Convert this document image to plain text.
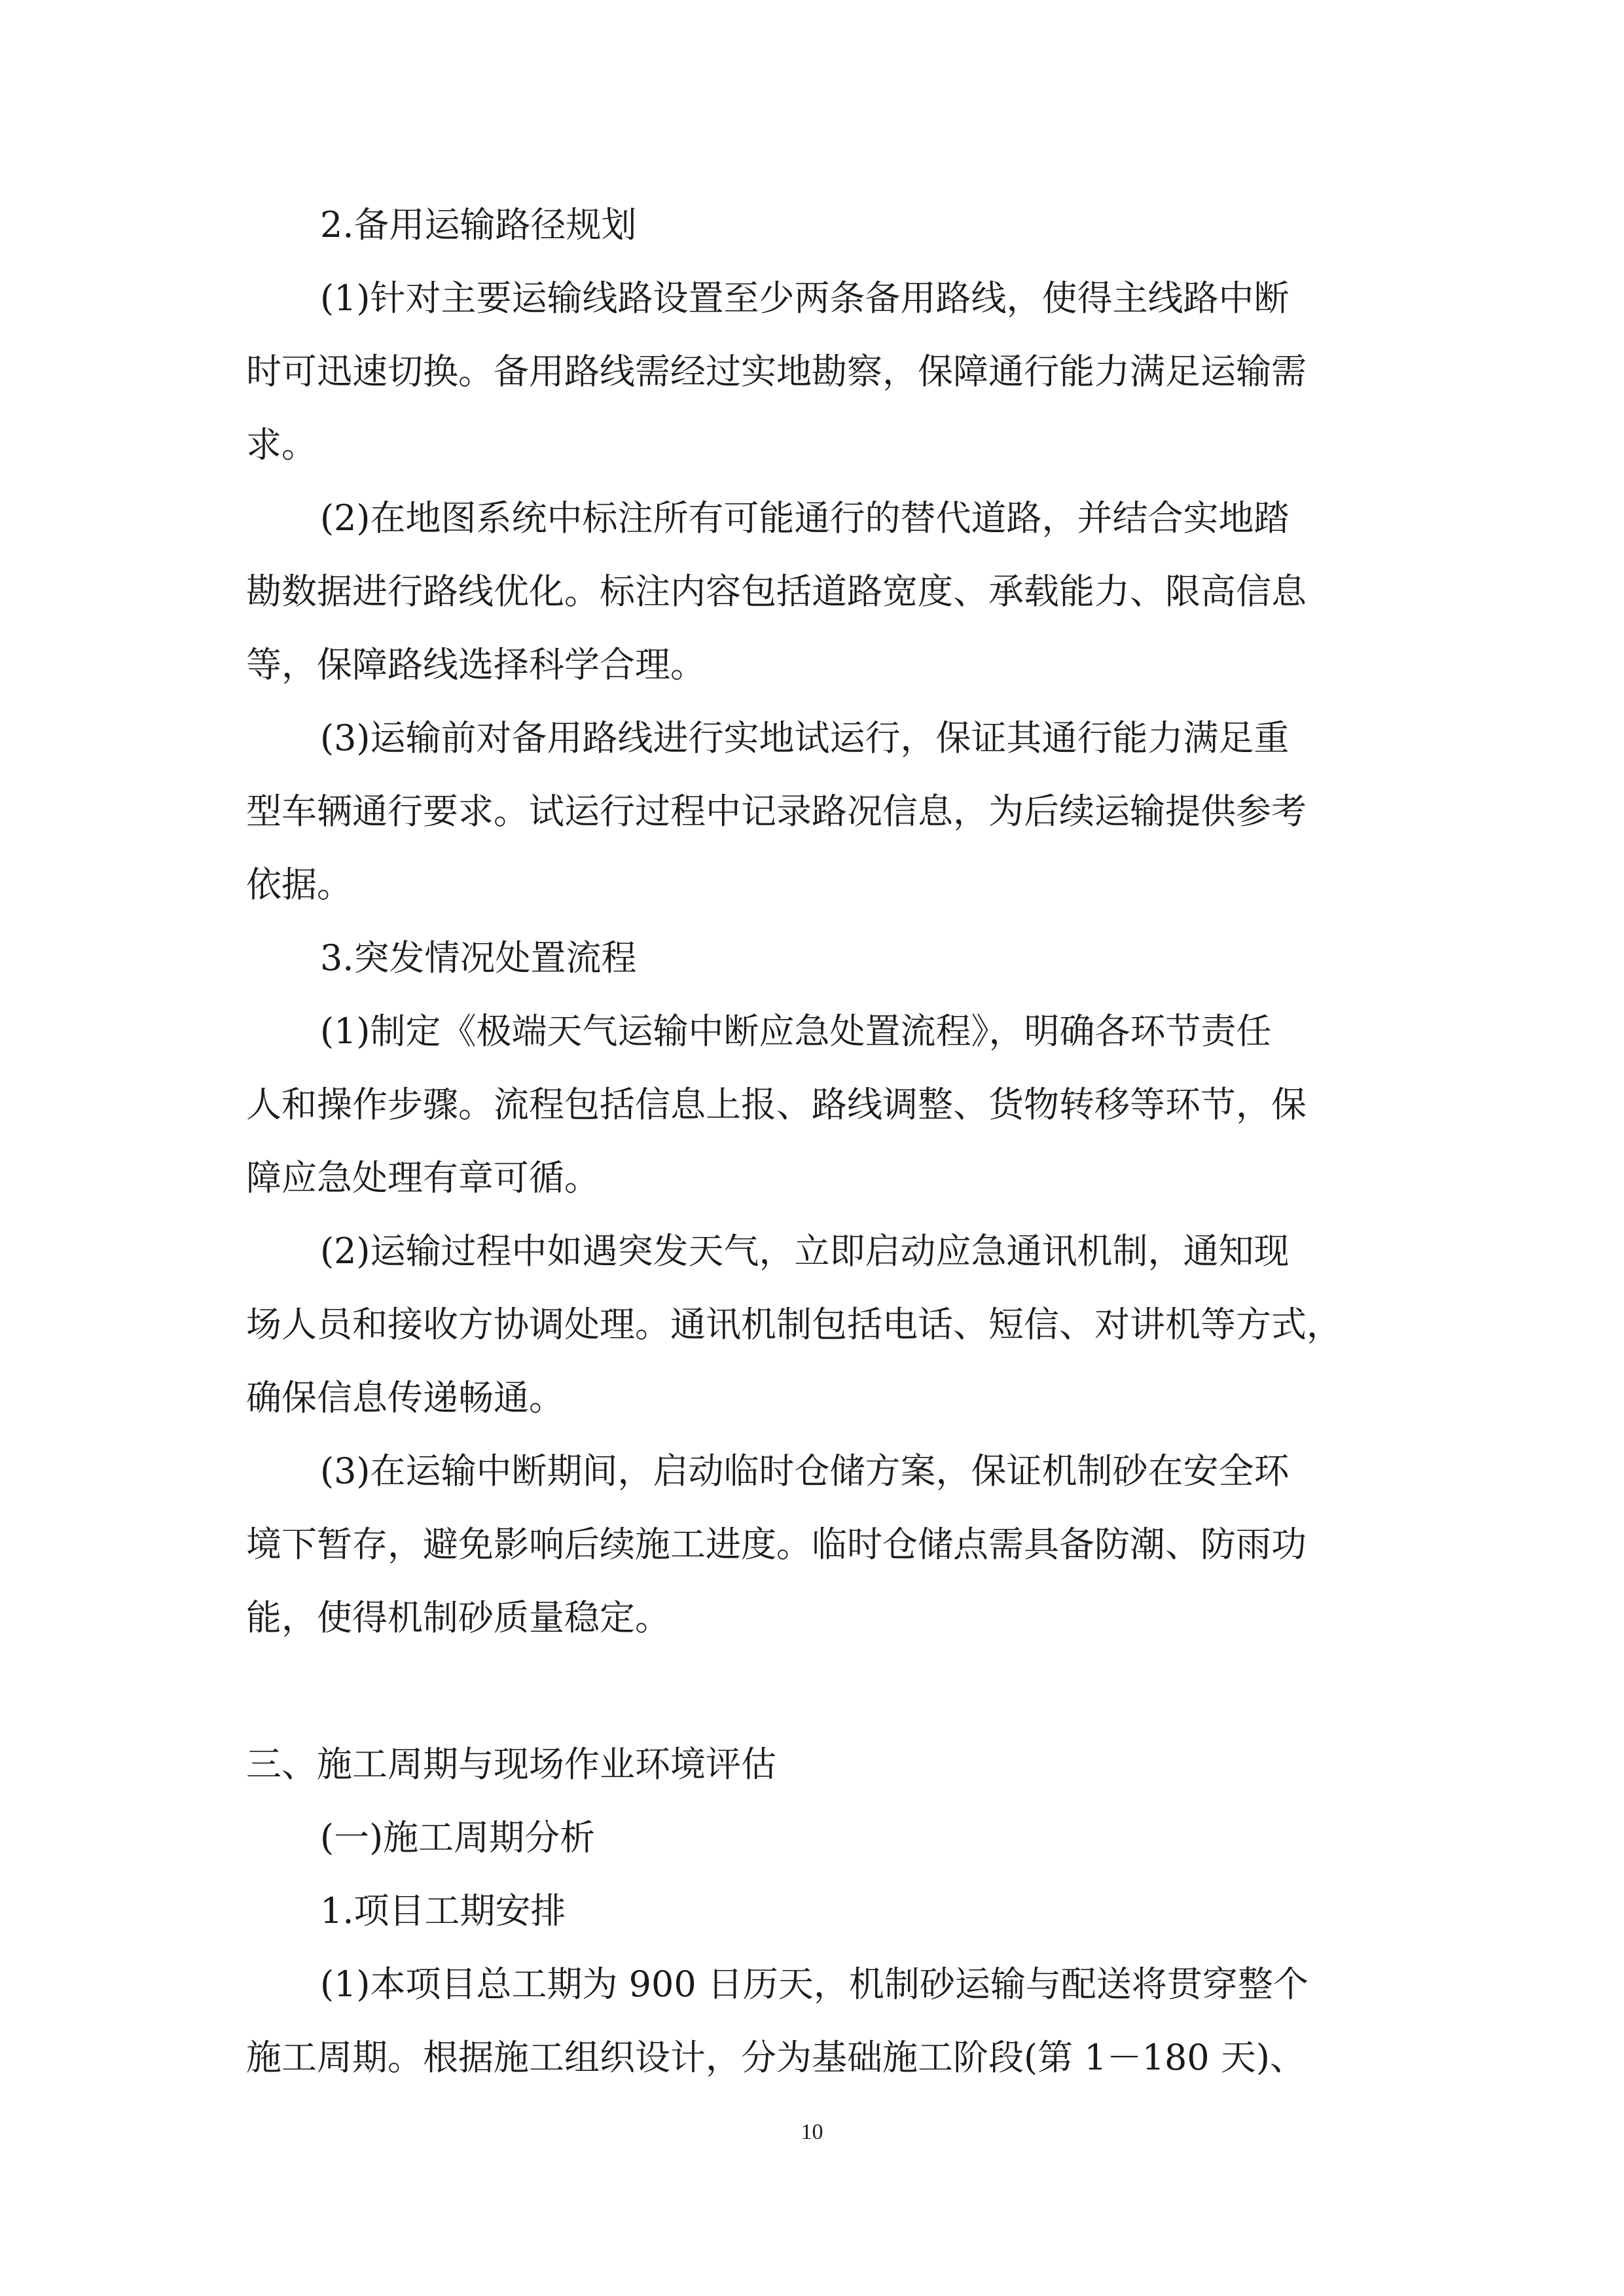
2.备用运输路径规划
(1)针对主要运输线路设置至少两条备用路线，使得主线路中断
时可迅速切换。备用路线需经过实地勘察，保障通行能力满足运输需
求。
(2)在地图系统中标注所有可能通行的替代道路，并结合实地踏
勘数据进行路线优化。标注内容包括道路宽度、承载能力、限高信息
等，保障路线选择科学合理。
(3)运输前对备用路线进行实地试运行，保证其通行能力满足重
型车辆通行要求。试运行过程中记录路况信息，为后续运输提供参考
依据。
3.突发情况处置流程
(1)制定《极端天气运输中断应急处置流程》，明确各环节责任
人和操作步骤。流程包括信息上报、路线调整、货物转移等环节，保
障应急处理有章可循。
(2)运输过程中如遇突发天气，立即启动应急通讯机制，通知现
场人员和接收方协调处理。通讯机制包括电话、短信、对讲机等方式，
确保信息传递畅通。
(3)在运输中断期间，启动临时仓储方案，保证机制砂在安全环
境下暂存，避免影响后续施工进度。临时仓储点需具备防潮、防雨功
能，使得机制砂质量稳定。
三、施工周期与现场作业环境评估
(一)施工周期分析
1.项目工期安排
(1)本项目总工期为 900 日历天，机制砂运输与配送将贯穿整个
施工周期。根据施工组织设计，分为基础施工阶段(第 1－180 天)、
10
